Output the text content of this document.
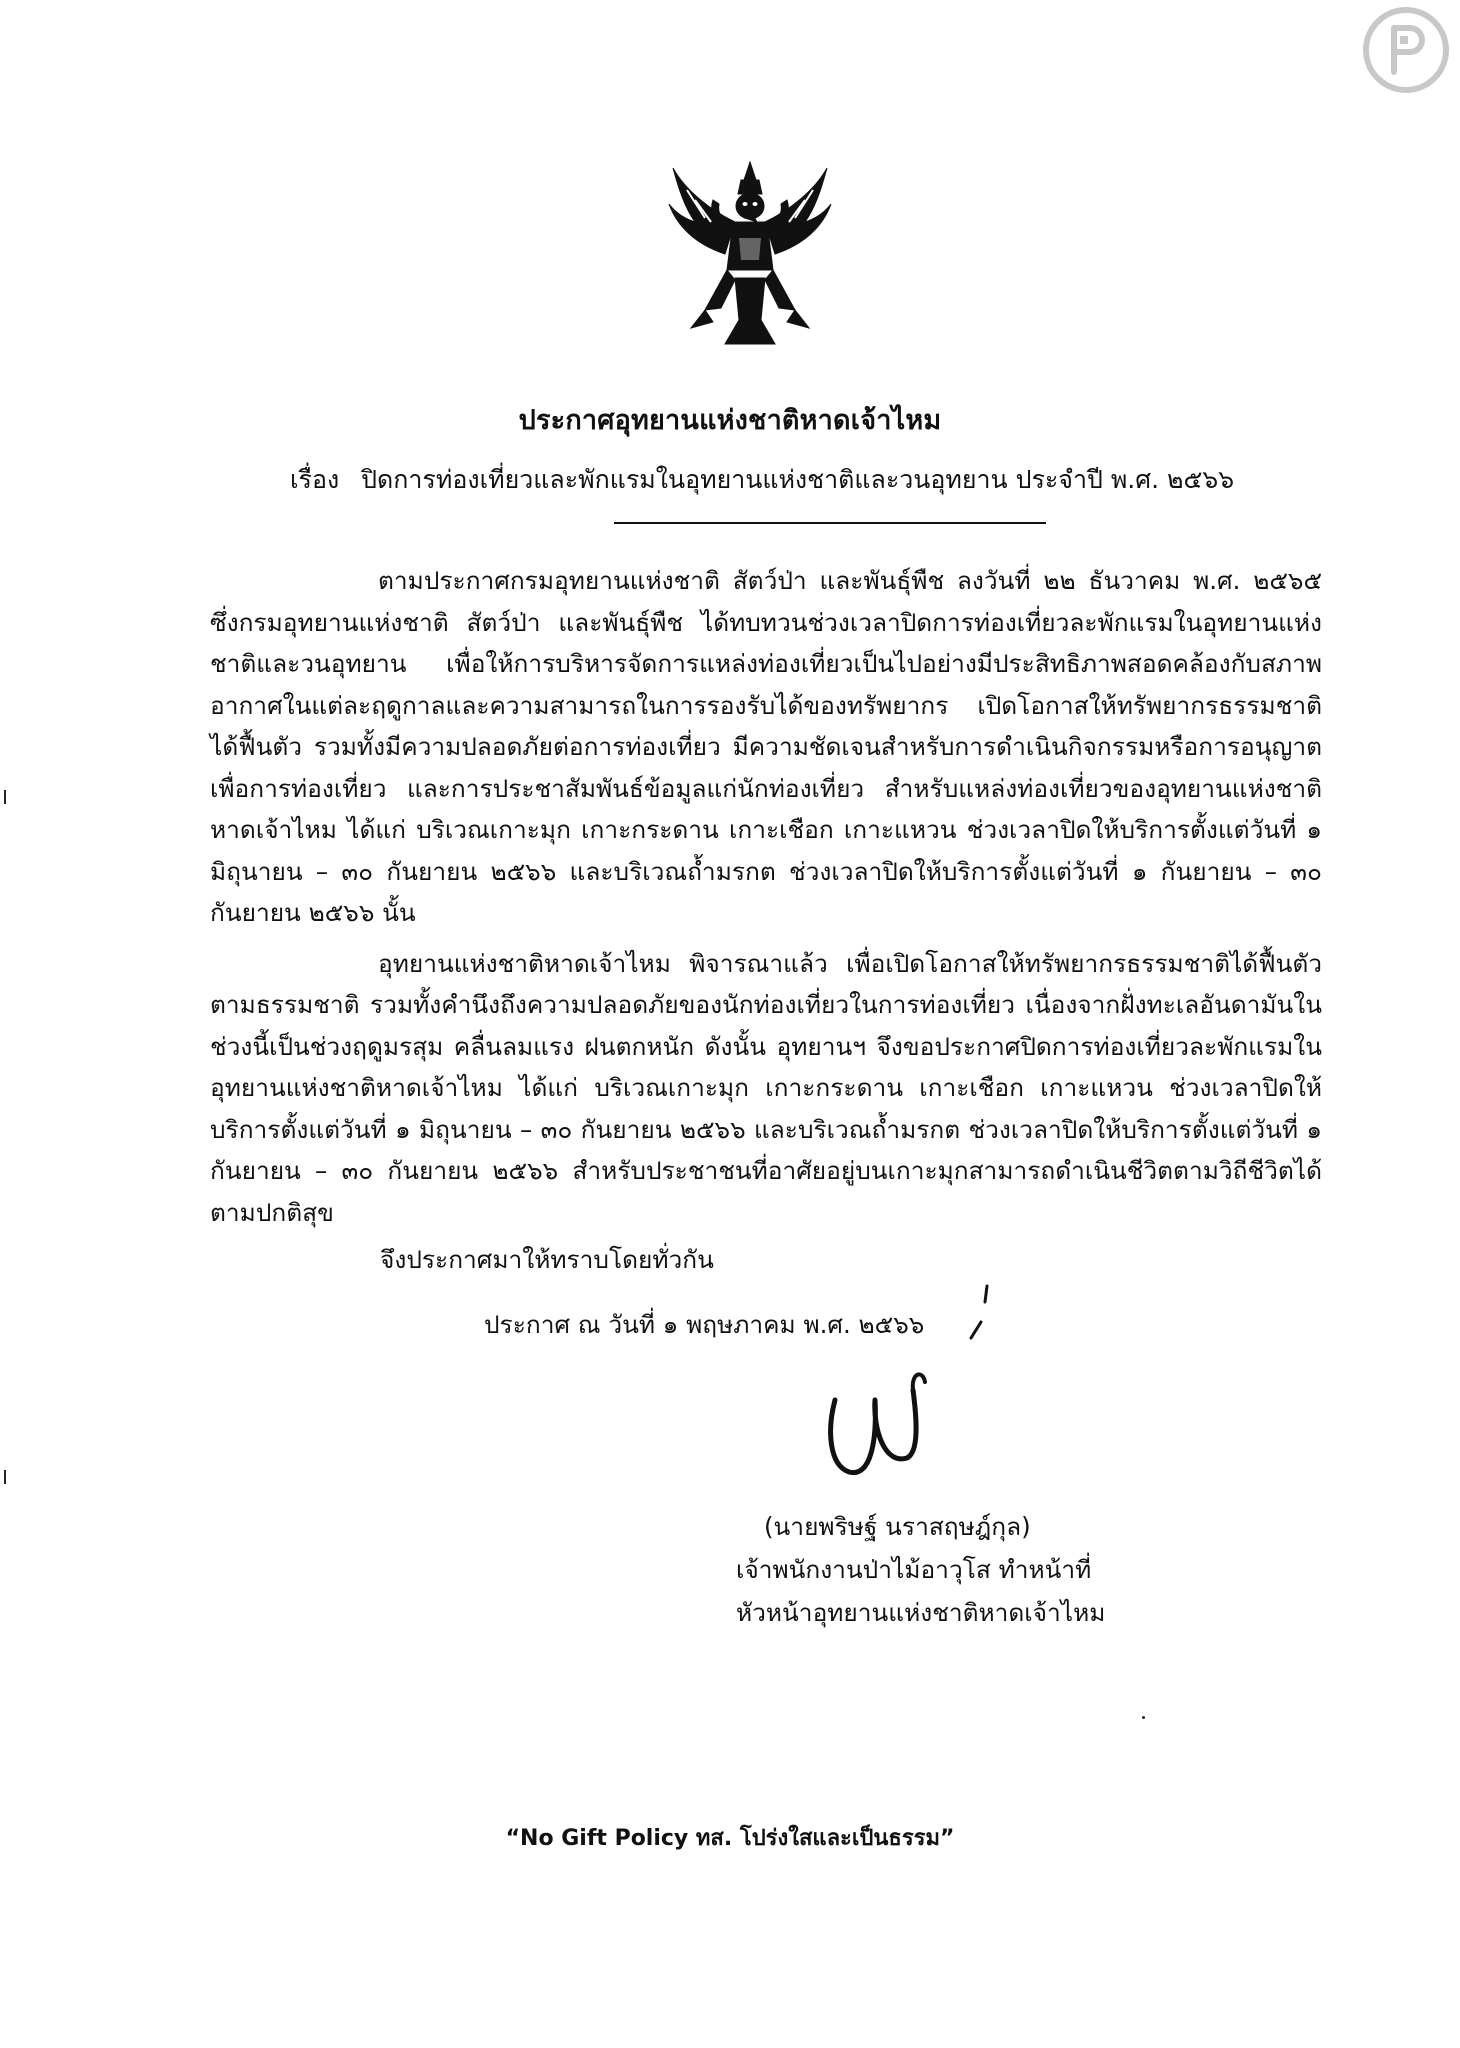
ประกาศอุทยานแห่งชาติหาดเจ้าไหม
เรื่อง ปิดการท่องเที่ยวและพักแรมในอุทยานแห่งชาติและวนอุทยาน ประจำปี พ.ศ. ๒๕๖๖

ตามประกาศกรมอุทยานแห่งชาติ สัตว์ป่า และพันธุ์พืช ลงวันที่ ๒๒ ธันวาคม พ.ศ. ๒๕๖๕ ซึ่งกรมอุทยานแห่งชาติ สัตว์ป่า และพันธุ์พืช ได้ทบทวนช่วงเวลาปิดการท่องเที่ยวละพักแรมในอุทยานแห่งชาติและวนอุทยาน เพื่อให้การบริหารจัดการแหล่งท่องเที่ยวเป็นไปอย่างมีประสิทธิภาพสอดคล้องกับสภาพอากาศในแต่ละฤดูกาลและความสามารถในการรองรับได้ของทรัพยากร เปิดโอกาสให้ทรัพยากรธรรมชาติได้ฟื้นตัว รวมทั้งมีความปลอดภัยต่อการท่องเที่ยว มีความชัดเจนสำหรับการดำเนินกิจกรรมหรือการอนุญาตเพื่อการท่องเที่ยว และการประชาสัมพันธ์ข้อมูลแก่นักท่องเที่ยว สำหรับแหล่งท่องเที่ยวของอุทยานแห่งชาติหาดเจ้าไหม ได้แก่ บริเวณเกาะมุก เกาะกระดาน เกาะเชือก เกาะแหวน ช่วงเวลาปิดให้บริการตั้งแต่วันที่ ๑ มิถุนายน – ๓๐ กันยายน ๒๕๖๖ และบริเวณถ้ำมรกต ช่วงเวลาปิดให้บริการตั้งแต่วันที่ ๑ กันยายน – ๓๐ กันยายน ๒๕๖๖ นั้น

อุทยานแห่งชาติหาดเจ้าไหม พิจารณาแล้ว เพื่อเปิดโอกาสให้ทรัพยากรธรรมชาติได้ฟื้นตัวตามธรรมชาติ รวมทั้งคำนึงถึงความปลอดภัยของนักท่องเที่ยวในการท่องเที่ยว เนื่องจากฝั่งทะเลอันดามันในช่วงนี้เป็นช่วงฤดูมรสุม คลื่นลมแรง ฝนตกหนัก ดังนั้น อุทยานฯ จึงขอประกาศปิดการท่องเที่ยวละพักแรมในอุทยานแห่งชาติหาดเจ้าไหม ได้แก่ บริเวณเกาะมุก เกาะกระดาน เกาะเชือก เกาะแหวน ช่วงเวลาปิดให้บริการตั้งแต่วันที่ ๑ มิถุนายน – ๓๐ กันยายน ๒๕๖๖ และบริเวณถ้ำมรกต ช่วงเวลาปิดให้บริการตั้งแต่วันที่ ๑ กันยายน – ๓๐ กันยายน ๒๕๖๖ สำหรับประชาชนที่อาศัยอยู่บนเกาะมุกสามารถดำเนินชีวิตตามวิถีชีวิตได้ตามปกติสุข

จึงประกาศมาให้ทราบโดยทั่วกัน
ประกาศ ณ วันที่ ๑ พฤษภาคม พ.ศ. ๒๕๖๖
(นายพริษฐ์ นราสฤษฎ์กุล)
เจ้าพนักงานป่าไม้อาวุโส ทำหน้าที่
หัวหน้าอุทยานแห่งชาติหาดเจ้าไหม
“No Gift Policy ทส. โปร่งใสและเป็นธรรม”
